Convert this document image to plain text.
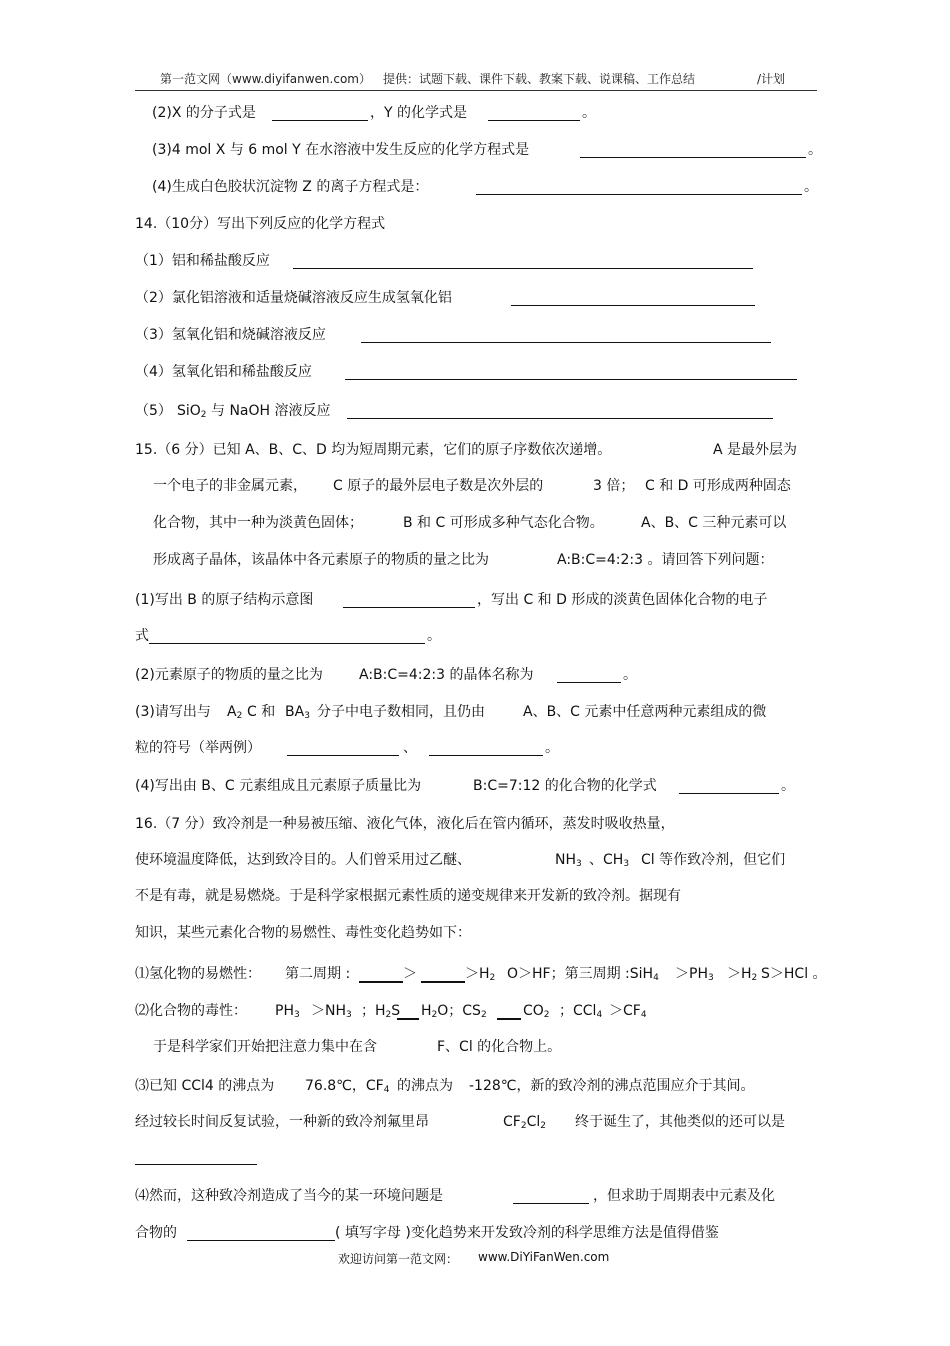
第一范文网（www.diyifanwen.com） 提供：试题下载、课件下载、教案下载、说课稿、工作总结	/计划
(2)X 的分子式是	，Y 的化学式是	。
(3)4 mol X 与 6 mol Y 在水溶液中发生反应的化学方程式是	。
(4)生成白色胶状沉淀物 Z 的离子方程式是：	。
14.（10分）写出下列反应的化学方程式
（1）铝和稀盐酸反应
（2）氯化铝溶液和适量烧碱溶液反应生成氢氧化铝
（3）氢氧化铝和烧碱溶液反应
（4）氢氧化铝和稀盐酸反应
（5） SiO$_2$ 与 NaOH 溶液反应
15.（6 分）已知 A、B、C、D 均为短周期元素，它们的原子序数依次递增。	A 是最外层为
一个电子的非金属元素， C 原子的最外层电子数是次外层的	3 倍； C 和 D 可形成两种固态
化合物，其中一种为淡黄色固体；	B 和 C 可形成多种气态化合物。	A、B、C 三种元素可以
形成离子晶体，该晶体中各元素原子的物质的量之比为	A:B:C=4:2:3 。请回答下列问题：
(1)写出 B 的原子结构示意图	，写出 C 和 D 形成的淡黄色固体化合物的电子
式	。
(2)元素原子的物质的量之比为	A:B:C=4:2:3 的晶体名称为	。
(3)请写出与 $A_2$ C 和 $BA_3$ 分子中电子数相同，且仍由	A、B、C 元素中任意两种元素组成的微
粒的符号（举两例）	、	。
(4)写出由 B、C 元素组成且元素原子质量比为	B:C=7:12 的化合物的化学式	。
16.（7 分）致冷剂是一种易被压缩、液化气体，液化后在管内循环，蒸发时吸收热量，
使环境温度降低，达到致冷目的。人们曾采用过乙醚、	$NH_3$ 、$CH_3$ Cl 等作致冷剂，但它们
不是有毒，就是易燃烧。于是科学家根据元素性质的递变规律来开发新的致冷剂。据现有
知识，某些元素化合物的易燃性、毒性变化趋势如下：
⑴氢化物的易燃性： 第二周期 :	＞	$>H_2$ O＞HF；第三周期 :SiH$_4$ $>PH_3 >H_2$ S＞HCl 。
⑵化合物的毒性： $PH_3 >NH_3$ ；$H_2S$ $H_2O$；$CS_2$	$CO_2$ ；$CCl_4 >CF_4$
于是科学家们开始把注意力集中在含	F、Cl 的化合物上。
⑶已知 CCl4 的沸点为 76.8℃，$CF_4$ 的沸点为 -128℃，新的致冷剂的沸点范围应介于其间。
经过较长时间反复试验，一种新的致冷剂氟里昂	$CF_2Cl_2$ 终于诞生了，其他类似的还可以是
⑷然而，这种致冷剂造成了当今的某一环境问题是	，但求助于周期表中元素及化
合物的	( 填写字母 )变化趋势来开发致冷剂的科学思维方法是值得借鉴
欢迎访问第一范文网： www.DiYiFanWen.com
